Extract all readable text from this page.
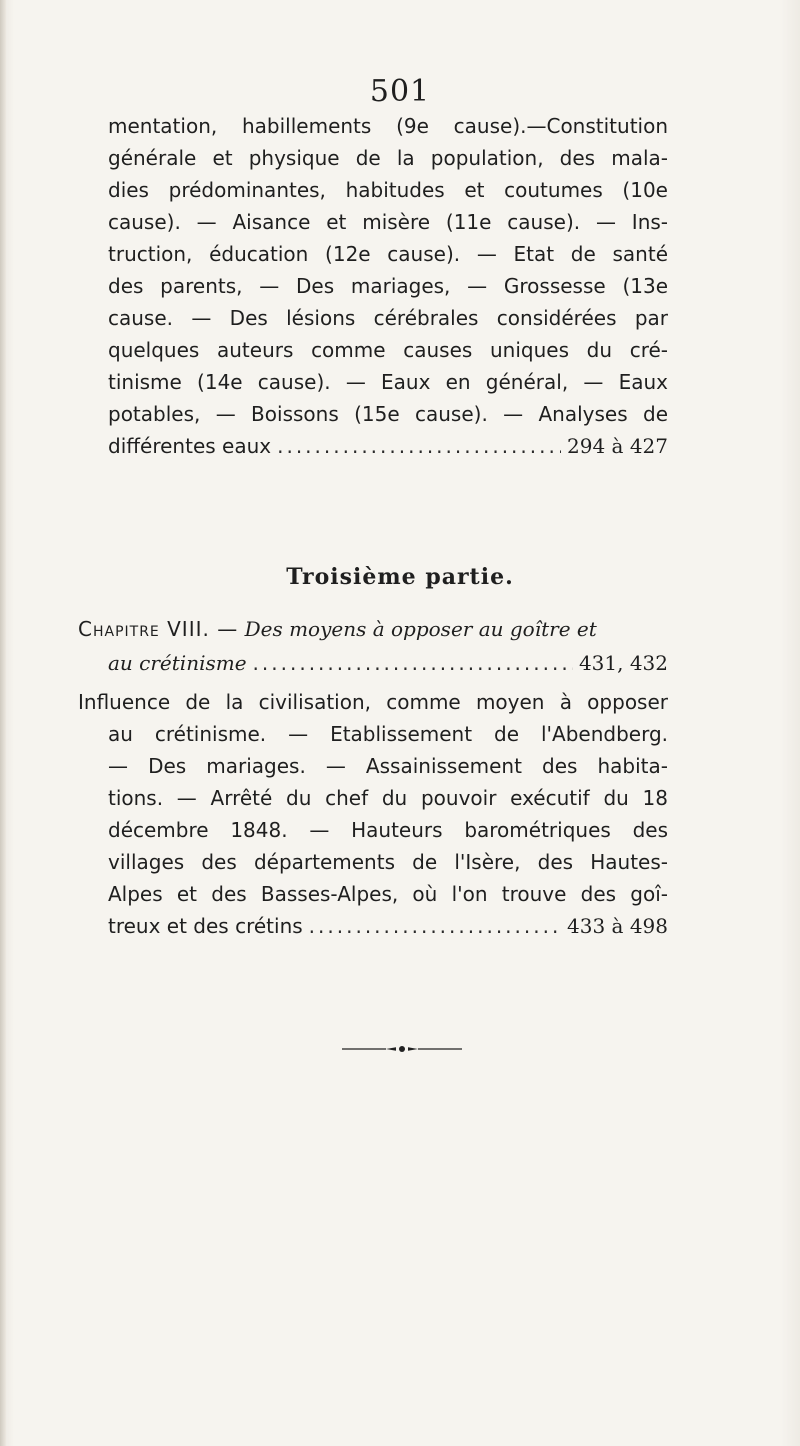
501
mentation, habillements (9e cause).—Constitution
générale et physique de la population, des mala-
dies prédominantes, habitudes et coutumes (10e
cause). — Aisance et misère (11e cause). — Ins-
truction, éducation (12e cause). — Etat de santé
des parents, — Des mariages, — Grossesse (13e
cause. — Des lésions cérébrales considérées par
quelques auteurs comme causes uniques du cré-
tinisme (14e cause). — Eaux en général, — Eaux
potables, — Boissons (15e cause). — Analyses de
différentes eaux .....	294 à 427
Troisième partie.
Chapitre VIII. — Des moyens à opposer au goître et
au crétinisme .....	431, 432
Influence de la civilisation, comme moyen à opposer
au crétinisme. — Etablissement de l'Abendberg.
— Des mariages. — Assainissement des habita-
tions. — Arrêté du chef du pouvoir exécutif du 18
décembre 1848. — Hauteurs barométriques des
villages des départements de l'Isère, des Hautes-
Alpes et des Basses-Alpes, où l'on trouve des goî-
treux et des crétins .....	433 à 498
